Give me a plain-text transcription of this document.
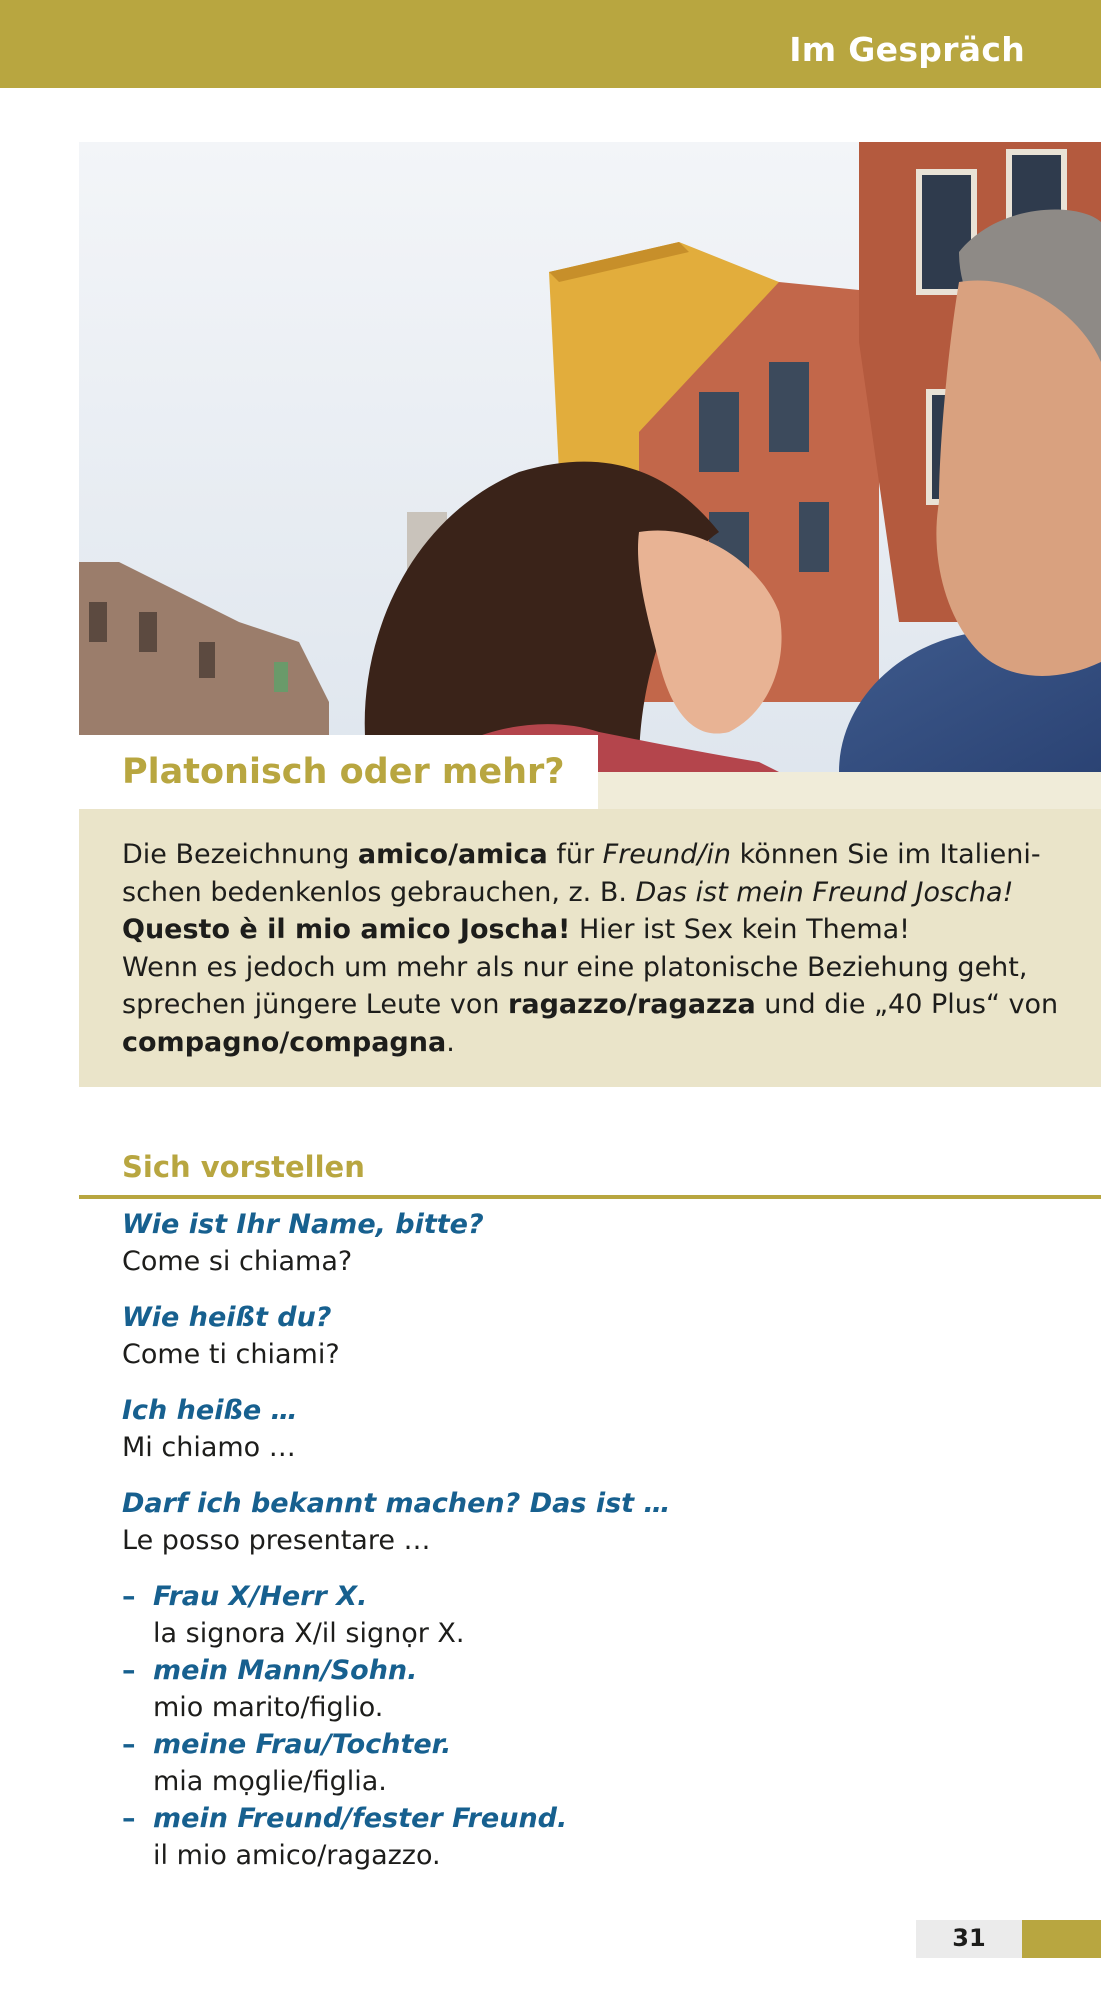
Im Gespräch
Platonisch oder mehr?

Die Bezeichnung amico/amica für Freund/in können Sie im Italieni-

schen bedenkenlos gebrauchen, z. B. Das ist mein Freund Joscha!

Questo è il mio amico Joscha! Hier ist Sex kein Thema!

Wenn es jedoch um mehr als nur eine platonische Beziehung geht,

sprechen jüngere Leute von ragazzo/ragazza und die „40 Plus“ von

compagno/compagna.

Sich vorstellen
Wie ist Ihr Name, bitte?
Come si chiama?
Wie heißt du?
Come ti chiami?
Ich heiße …
Mi chiamo …
Darf ich bekannt machen? Das ist …
Le posso presentare …
– Frau X/Herr X.
la signora X/il signọr X.
– mein Mann/Sohn.
mio marito/figlio.
– meine Frau/Tochter.
mia mọglie/figlia.
– mein Freund/fester Freund.
il mio amico/ragazzo.
31
